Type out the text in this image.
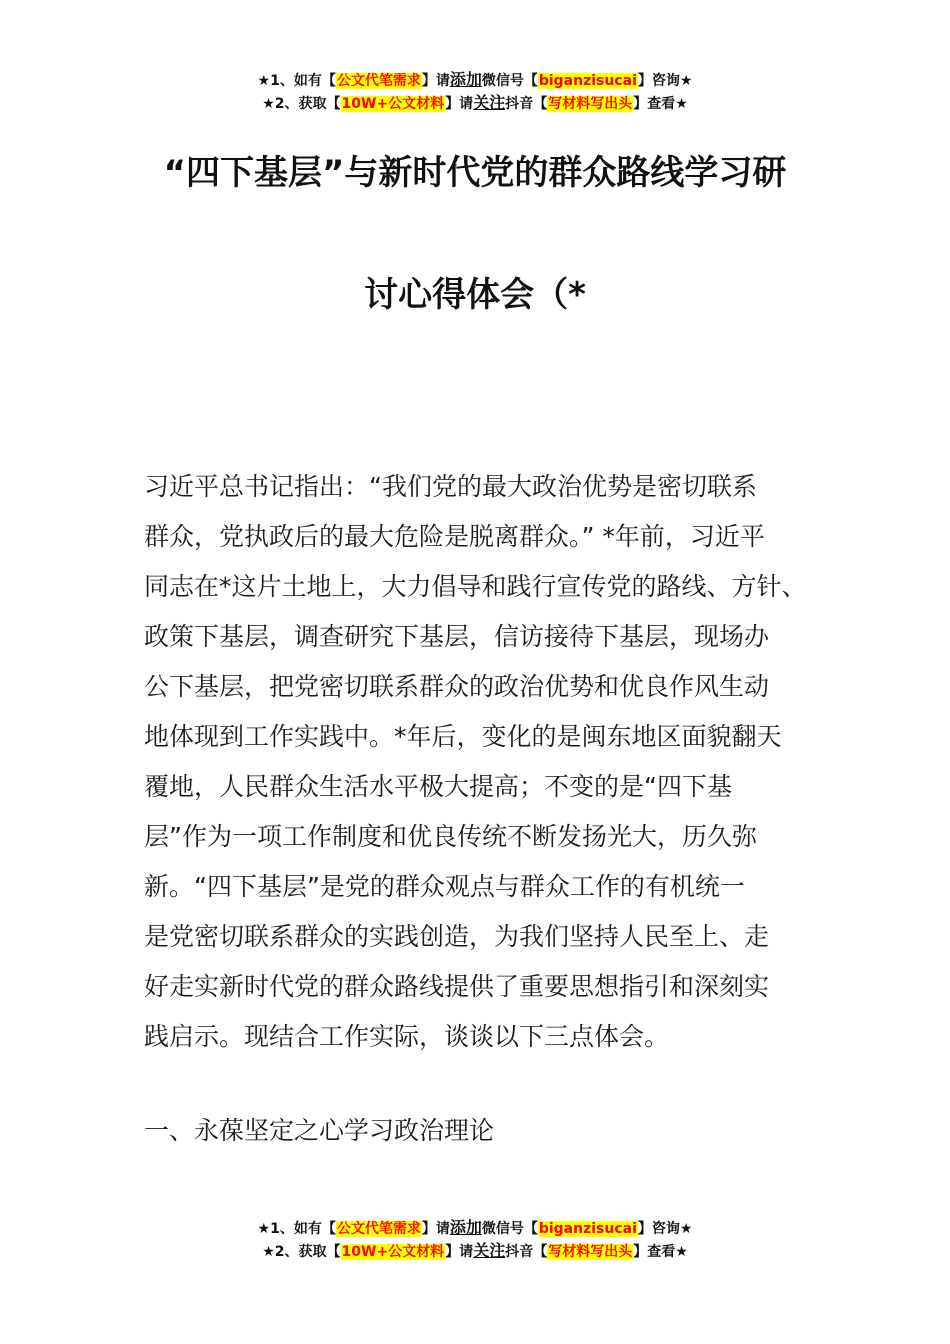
★1、如有【公文代笔需求】请添加微信号【biganzisucai】咨询★
★2、获取【10W+公文材料】请关注抖音【写材料写出头】查看★
“四下基层”与新时代党的群众路线学习研
讨心得体会（*
习近平总书记指出：“我们党的最大政治优势是密切联系
群众，党执政后的最大危险是脱离群众。” *年前，习近平
同志在*这片土地上，大力倡导和践行宣传党的路线、方针、
政策下基层，调查研究下基层，信访接待下基层，现场办
公下基层，把党密切联系群众的政治优势和优良作风生动
地体现到工作实践中。*年后，变化的是闽东地区面貌翻天
覆地，人民群众生活水平极大提高；不变的是“四下基
层”作为一项工作制度和优良传统不断发扬光大，历久弥
新。“四下基层”是党的群众观点与群众工作的有机统一
是党密切联系群众的实践创造，为我们坚持人民至上、走
好走实新时代党的群众路线提供了重要思想指引和深刻实
践启示。现结合工作实际，谈谈以下三点体会。
一、永葆坚定之心学习政治理论
★1、如有【公文代笔需求】请添加微信号【biganzisucai】咨询★
★2、获取【10W+公文材料】请关注抖音【写材料写出头】查看★
